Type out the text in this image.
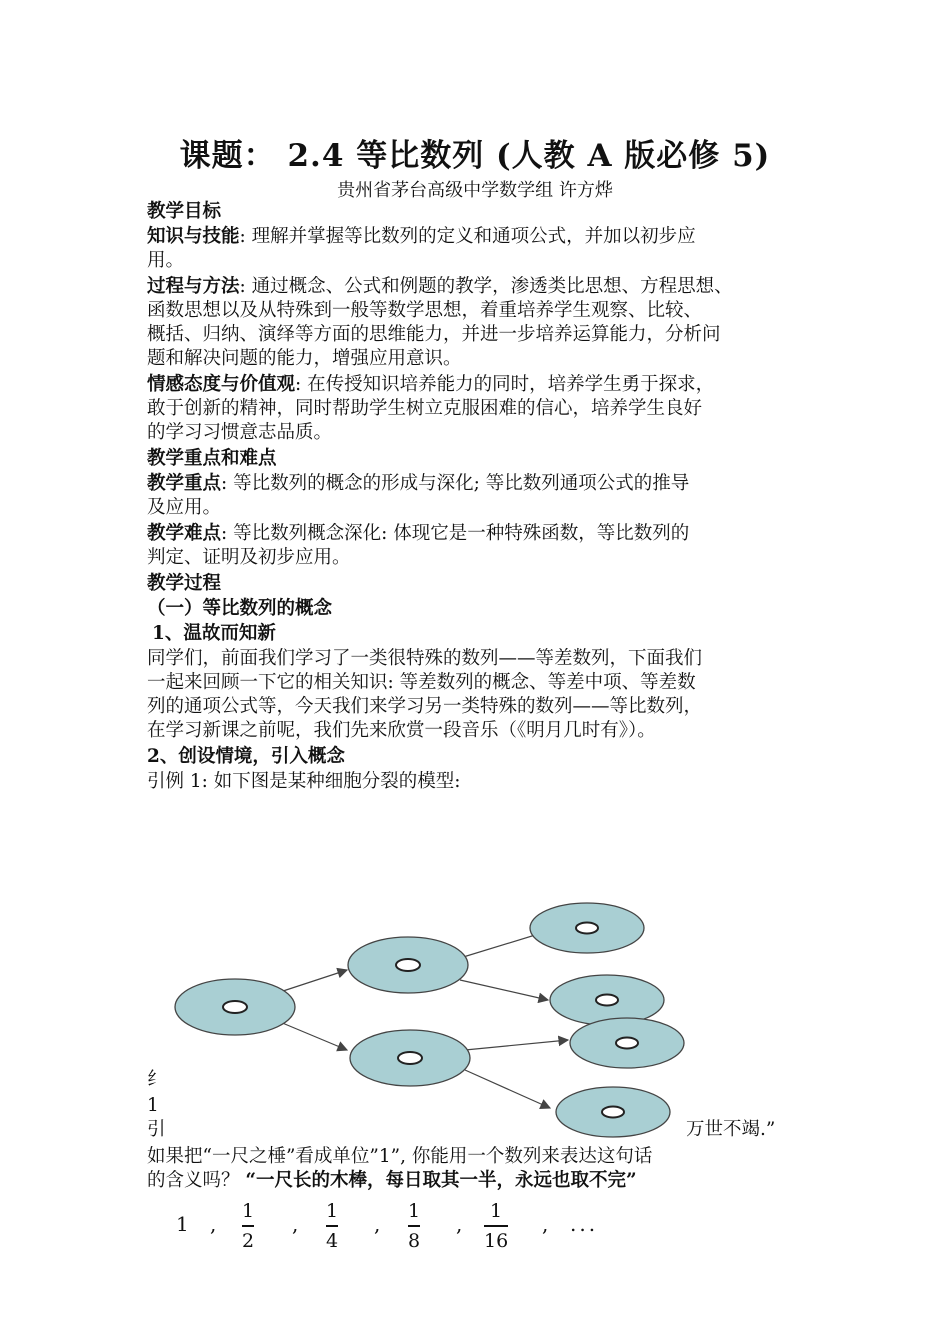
课题： 2.4 等比数列 (人教 A 版必修 5)
贵州省茅台高级中学数学组 许方烨
教学目标
知识与技能: 理解并掌握等比数列的定义和通项公式，并加以初步应
用。
过程与方法: 通过概念、公式和例题的教学，渗透类比思想、方程思想、
函数思想以及从特殊到一般等数学思想，着重培养学生观察、比较、
概括、归纳、演绎等方面的思维能力，并进一步培养运算能力，分析问
题和解决问题的能力，增强应用意识。
情感态度与价值观: 在传授知识培养能力的同时，培养学生勇于探求，
敢于创新的精神，同时帮助学生树立克服困难的信心，培养学生良好
的学习习惯意志品质。
教学重点和难点
教学重点: 等比数列的概念的形成与深化; 等比数列通项公式的推导
及应用。
教学难点: 等比数列概念深化: 体现它是一种特殊函数，等比数列的
判定、证明及初步应用。
教学过程
（一）等比数列的概念
1、温故而知新
同学们，前面我们学习了一类很特殊的数列——等差数列，下面我们
一起来回顾一下它的相关知识: 等差数列的概念、等差中项、等差数
列的通项公式等，今天我们来学习另一类特殊的数列——等比数列，
在学习新课之前呢，我们先来欣赏一段音乐（《明月几时有》）。
2、创设情境，引入概念
引例 1: 如下图是某种细胞分裂的模型:
纟
1
引	万世不竭.”
如果把“一尺之棰”看成单位”1”, 你能用一个数列来表达这句话
的含义吗？ “一尺长的木棒，每日取其一半，永远也取不完”
1 ,
1
2
,
1
4
,
1
8
,
1
16
, ...
